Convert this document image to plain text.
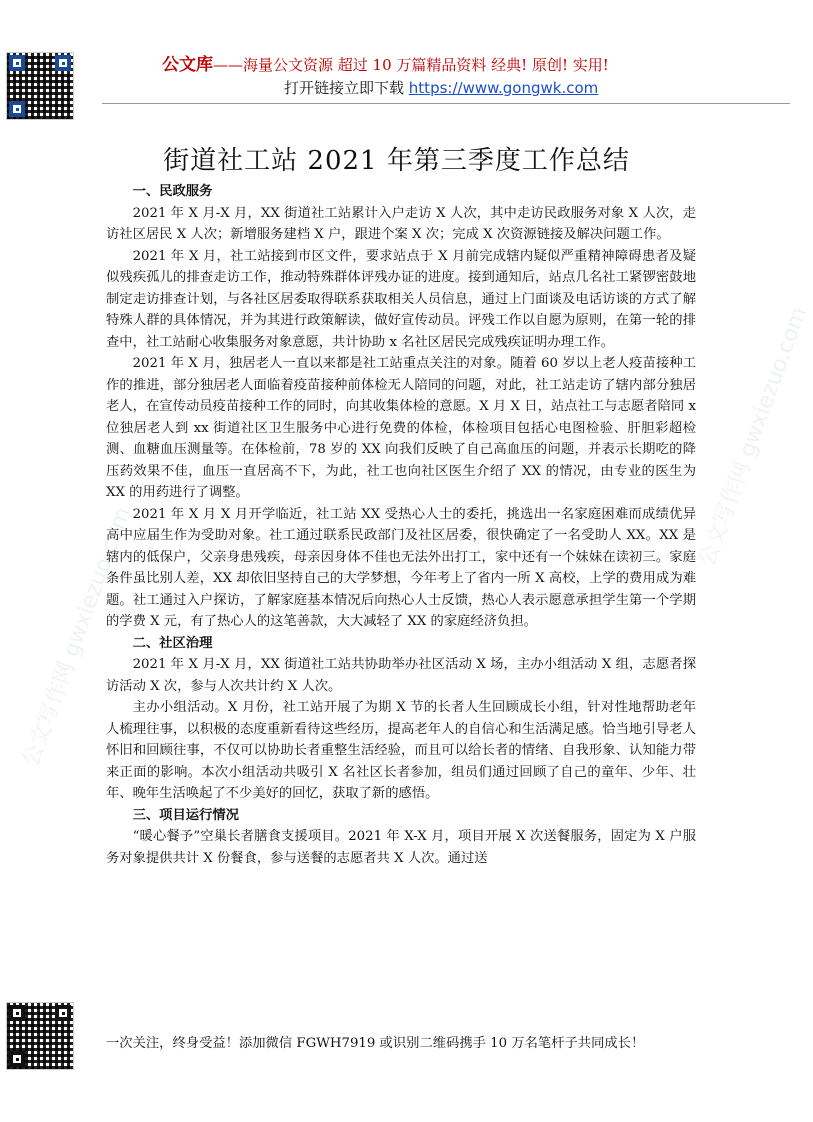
公文库——海量公文资源 超过 10 万篇精品资料 经典! 原创! 实用!
打开链接立即下载 https://www.gongwk.com
街道社工站 2021 年第三季度工作总结
一、民政服务

2021 年 X 月-X 月，XX 街道社工站累计入户走访 X 人次，其中走访民政服务对象 X 人次，走访社区居民 X 人次；新增服务建档 X 户，跟进个案 X 次；完成 X 次资源链接及解决问题工作。

2021 年 X 月，社工站接到市区文件，要求站点于 X 月前完成辖内疑似严重精神障碍患者及疑似残疾孤儿的排查走访工作，推动特殊群体评残办证的进度。接到通知后，站点几名社工紧锣密鼓地制定走访排查计划，与各社区居委取得联系获取相关人员信息，通过上门面谈及电话访谈的方式了解特殊人群的具体情况，并为其进行政策解读，做好宣传动员。评残工作以自愿为原则，在第一轮的排查中，社工站耐心收集服务对象意愿，共计协助 x 名社区居民完成残疾证明办理工作。

2021 年 X 月，独居老人一直以来都是社工站重点关注的对象。随着 60 岁以上老人疫苗接种工作的推进，部分独居老人面临着疫苗接种前体检无人陪同的问题，对此，社工站走访了辖内部分独居老人，在宣传动员疫苗接种工作的同时，向其收集体检的意愿。X 月 X 日，站点社工与志愿者陪同 x 位独居老人到 xx 街道社区卫生服务中心进行免费的体检，体检项目包括心电图检验、肝胆彩超检测、血糖血压测量等。在体检前，78 岁的 XX 向我们反映了自己高血压的问题，并表示长期吃的降压药效果不佳，血压一直居高不下，为此，社工也向社区医生介绍了 XX 的情况，由专业的医生为 XX 的用药进行了调整。

2021 年 X 月 X 月开学临近，社工站 XX 受热心人士的委托，挑选出一名家庭困难而成绩优异高中应届生作为受助对象。社工通过联系民政部门及社区居委，很快确定了一名受助人 XX。XX 是辖内的低保户，父亲身患残疾，母亲因身体不佳也无法外出打工，家中还有一个妹妹在读初三。家庭条件虽比别人差，XX 却依旧坚持自己的大学梦想，今年考上了省内一所 X 高校，上学的费用成为难题。社工通过入户探访，了解家庭基本情况后向热心人士反馈，热心人表示愿意承担学生第一个学期的学费 X 元，有了热心人的这笔善款，大大减轻了 XX 的家庭经济负担。

二、社区治理

2021 年 X 月-X 月，XX 街道社工站共协助举办社区活动 X 场，主办小组活动 X 组，志愿者探访活动 X 次，参与人次共计约 X 人次。

主办小组活动。X 月份，社工站开展了为期 X 节的长者人生回顾成长小组，针对性地帮助老年人梳理往事，以积极的态度重新看待这些经历，提高老年人的自信心和生活满足感。恰当地引导老人怀旧和回顾往事，不仅可以协助长者重整生活经验，而且可以给长者的情绪、自我形象、认知能力带来正面的影响。本次小组活动共吸引 X 名社区长者参加，组员们通过回顾了自己的童年、少年、壮年、晚年生活唤起了不少美好的回忆，获取了新的感悟。

三、项目运行情况

“暖心餐予”空巢长者膳食支援项目。2021 年 X-X 月，项目开展 X 次送餐服务，固定为 X 户服务对象提供共计 X 份餐食，参与送餐的志愿者共 X 人次。通过送

一次关注，终身受益！添加微信 FGWH7919 或识别二维码携手 10 万名笔杆子共同成长！
公文写作网 gwxiezuo.com
公文写作网 gwxiezuo.com
